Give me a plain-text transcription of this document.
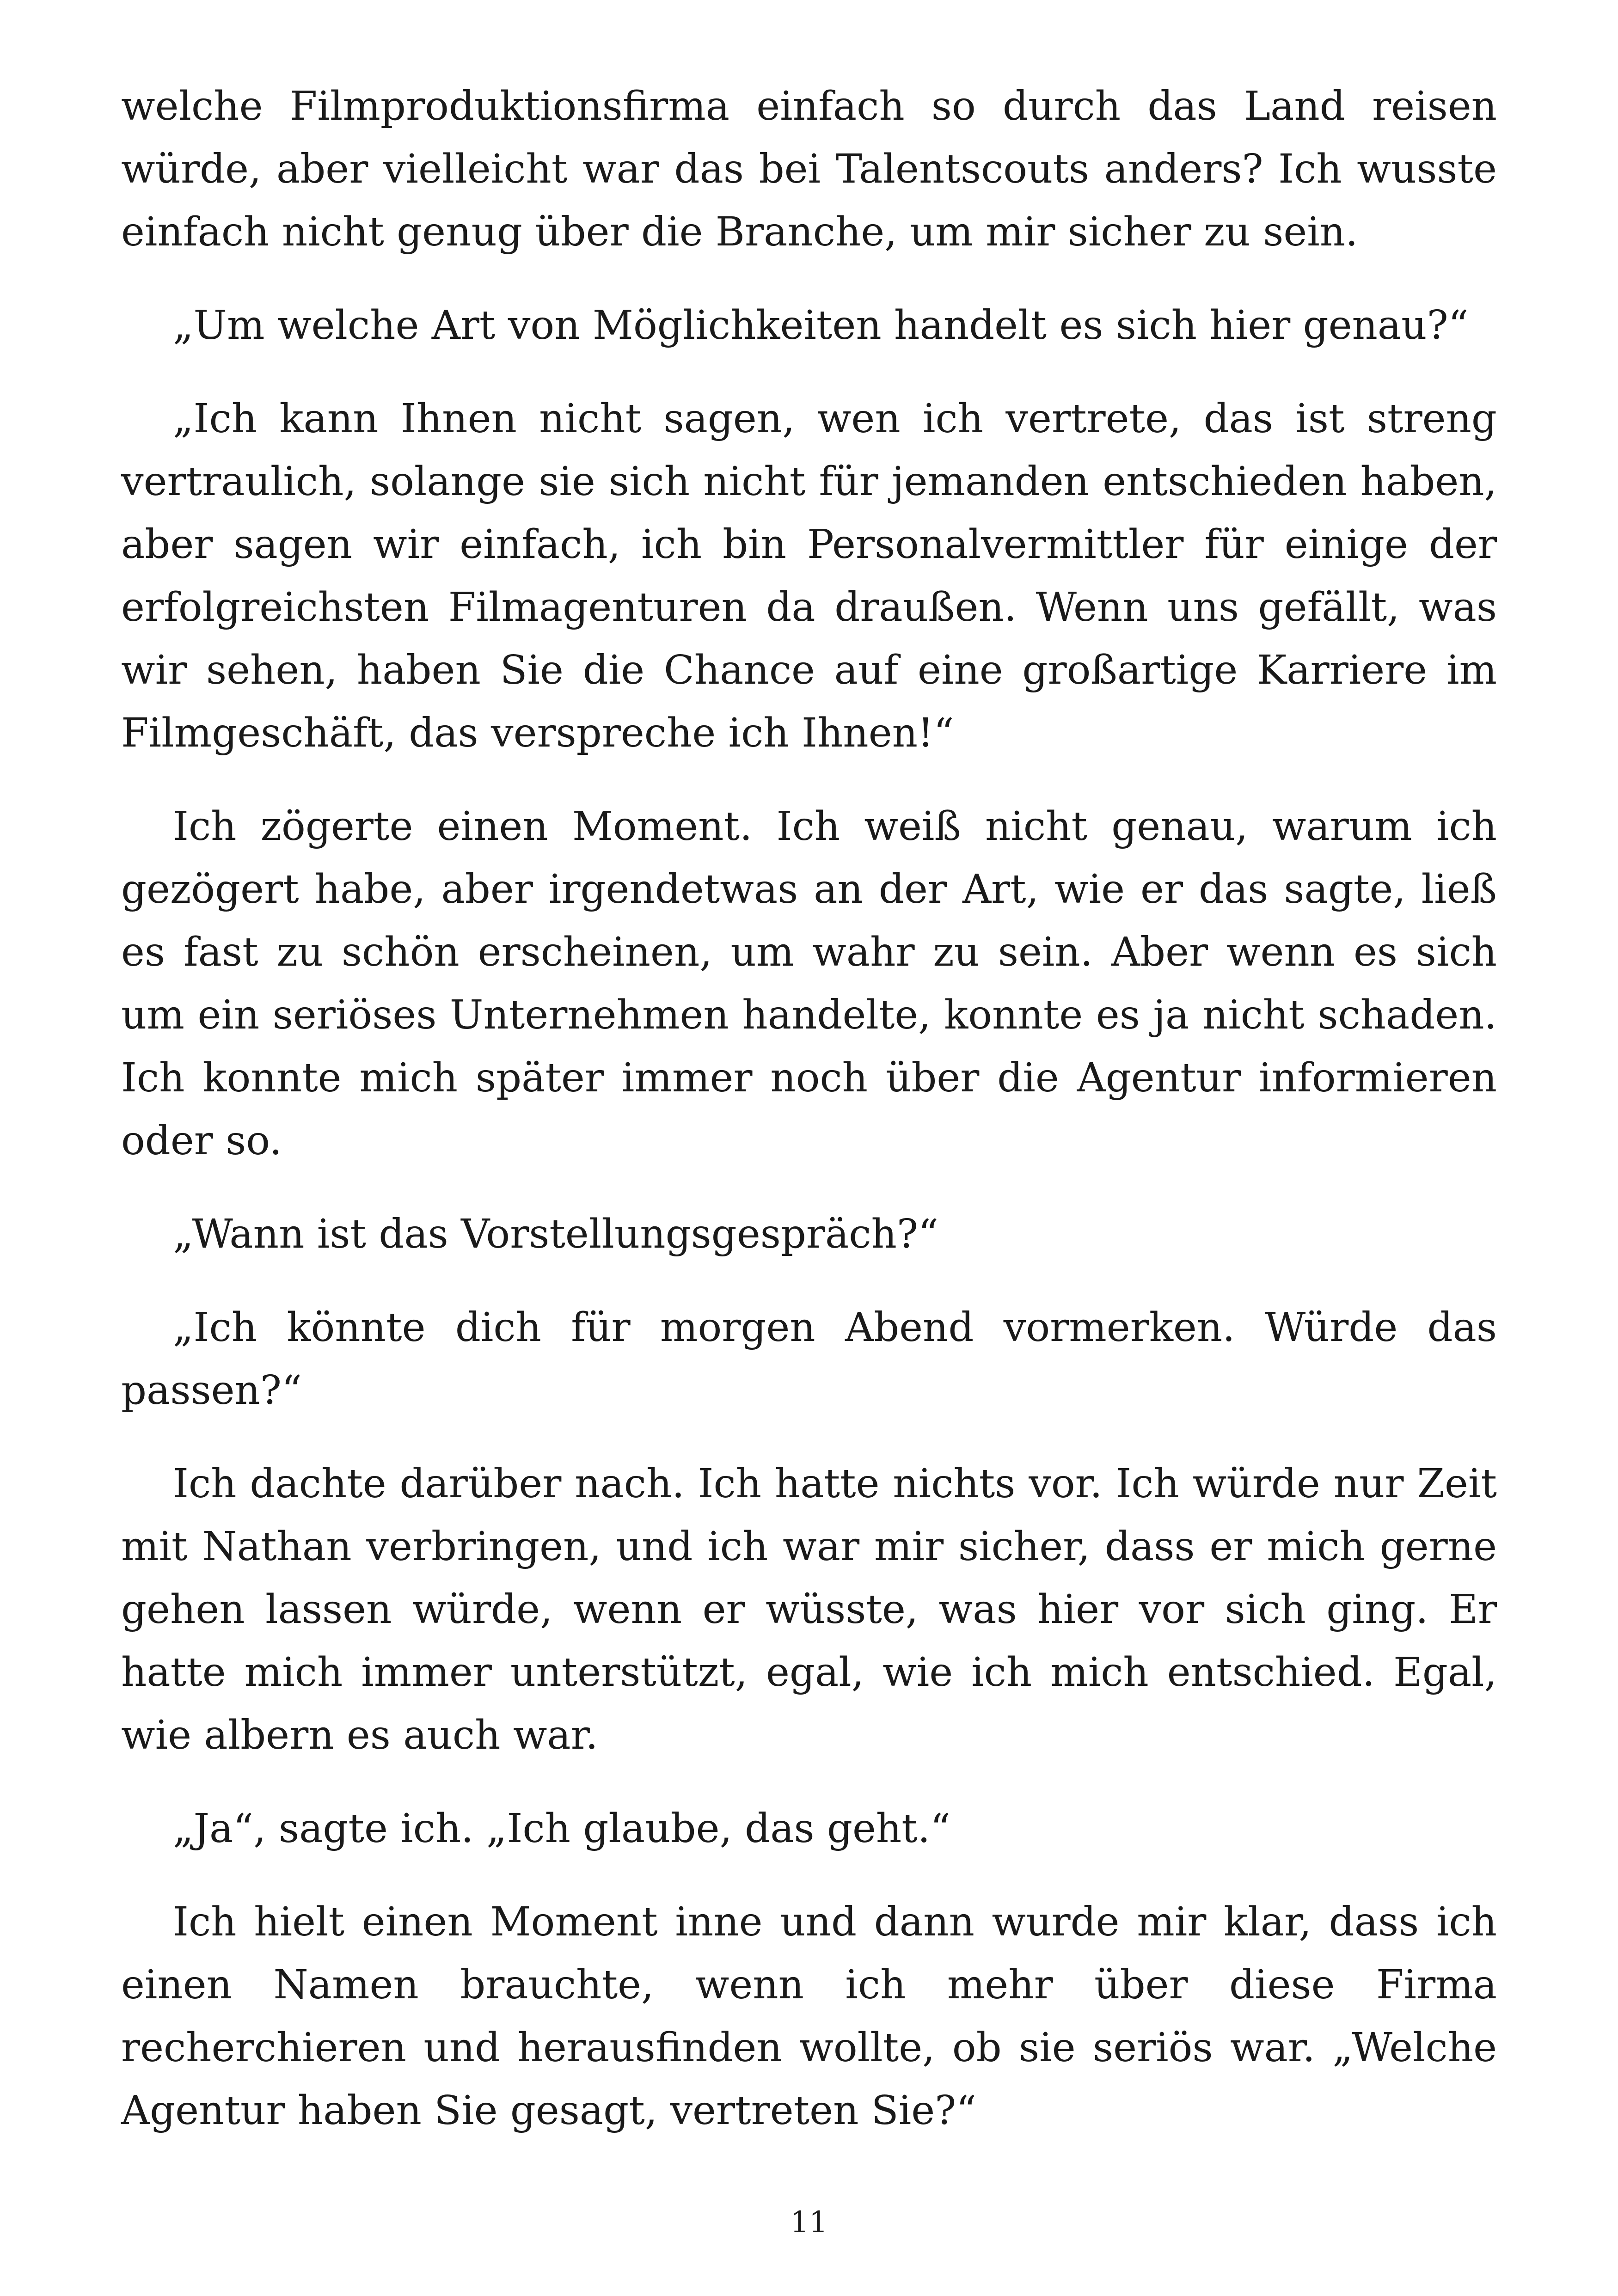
welche Filmproduktionsfirma einfach so durch das Land reisen würde, aber vielleicht war das bei Talentscouts anders? Ich wusste einfach nicht genug über die Branche, um mir sicher zu sein.

„Um welche Art von Möglichkeiten handelt es sich hier genau?“

„Ich kann Ihnen nicht sagen, wen ich vertrete, das ist streng vertraulich, solange sie sich nicht für jemanden entschieden haben, aber sagen wir einfach, ich bin Personalvermittler für einige der erfolgreichsten Filmagenturen da draußen. Wenn uns gefällt, was wir sehen, haben Sie die Chance auf eine großartige Karriere im Filmgeschäft, das verspreche ich Ihnen!“

Ich zögerte einen Moment. Ich weiß nicht genau, warum ich gezögert habe, aber irgendetwas an der Art, wie er das sagte, ließ es fast zu schön erscheinen, um wahr zu sein. Aber wenn es sich um ein seriöses Unternehmen handelte, konnte es ja nicht schaden. Ich konnte mich später immer noch über die Agentur informieren oder so.

„Wann ist das Vorstellungsgespräch?“

„Ich könnte dich für morgen Abend vormerken. Würde das passen?“

Ich dachte darüber nach. Ich hatte nichts vor. Ich würde nur Zeit mit Nathan verbringen, und ich war mir sicher, dass er mich gerne gehen lassen würde, wenn er wüsste, was hier vor sich ging. Er hatte mich immer unterstützt, egal, wie ich mich entschied. Egal, wie albern es auch war.

„Ja“, sagte ich. „Ich glaube, das geht.“

Ich hielt einen Moment inne und dann wurde mir klar, dass ich einen Namen brauchte, wenn ich mehr über diese Firma recherchieren und herausfinden wollte, ob sie seriös war. „Welche Agentur haben Sie gesagt, vertreten Sie?“

11
